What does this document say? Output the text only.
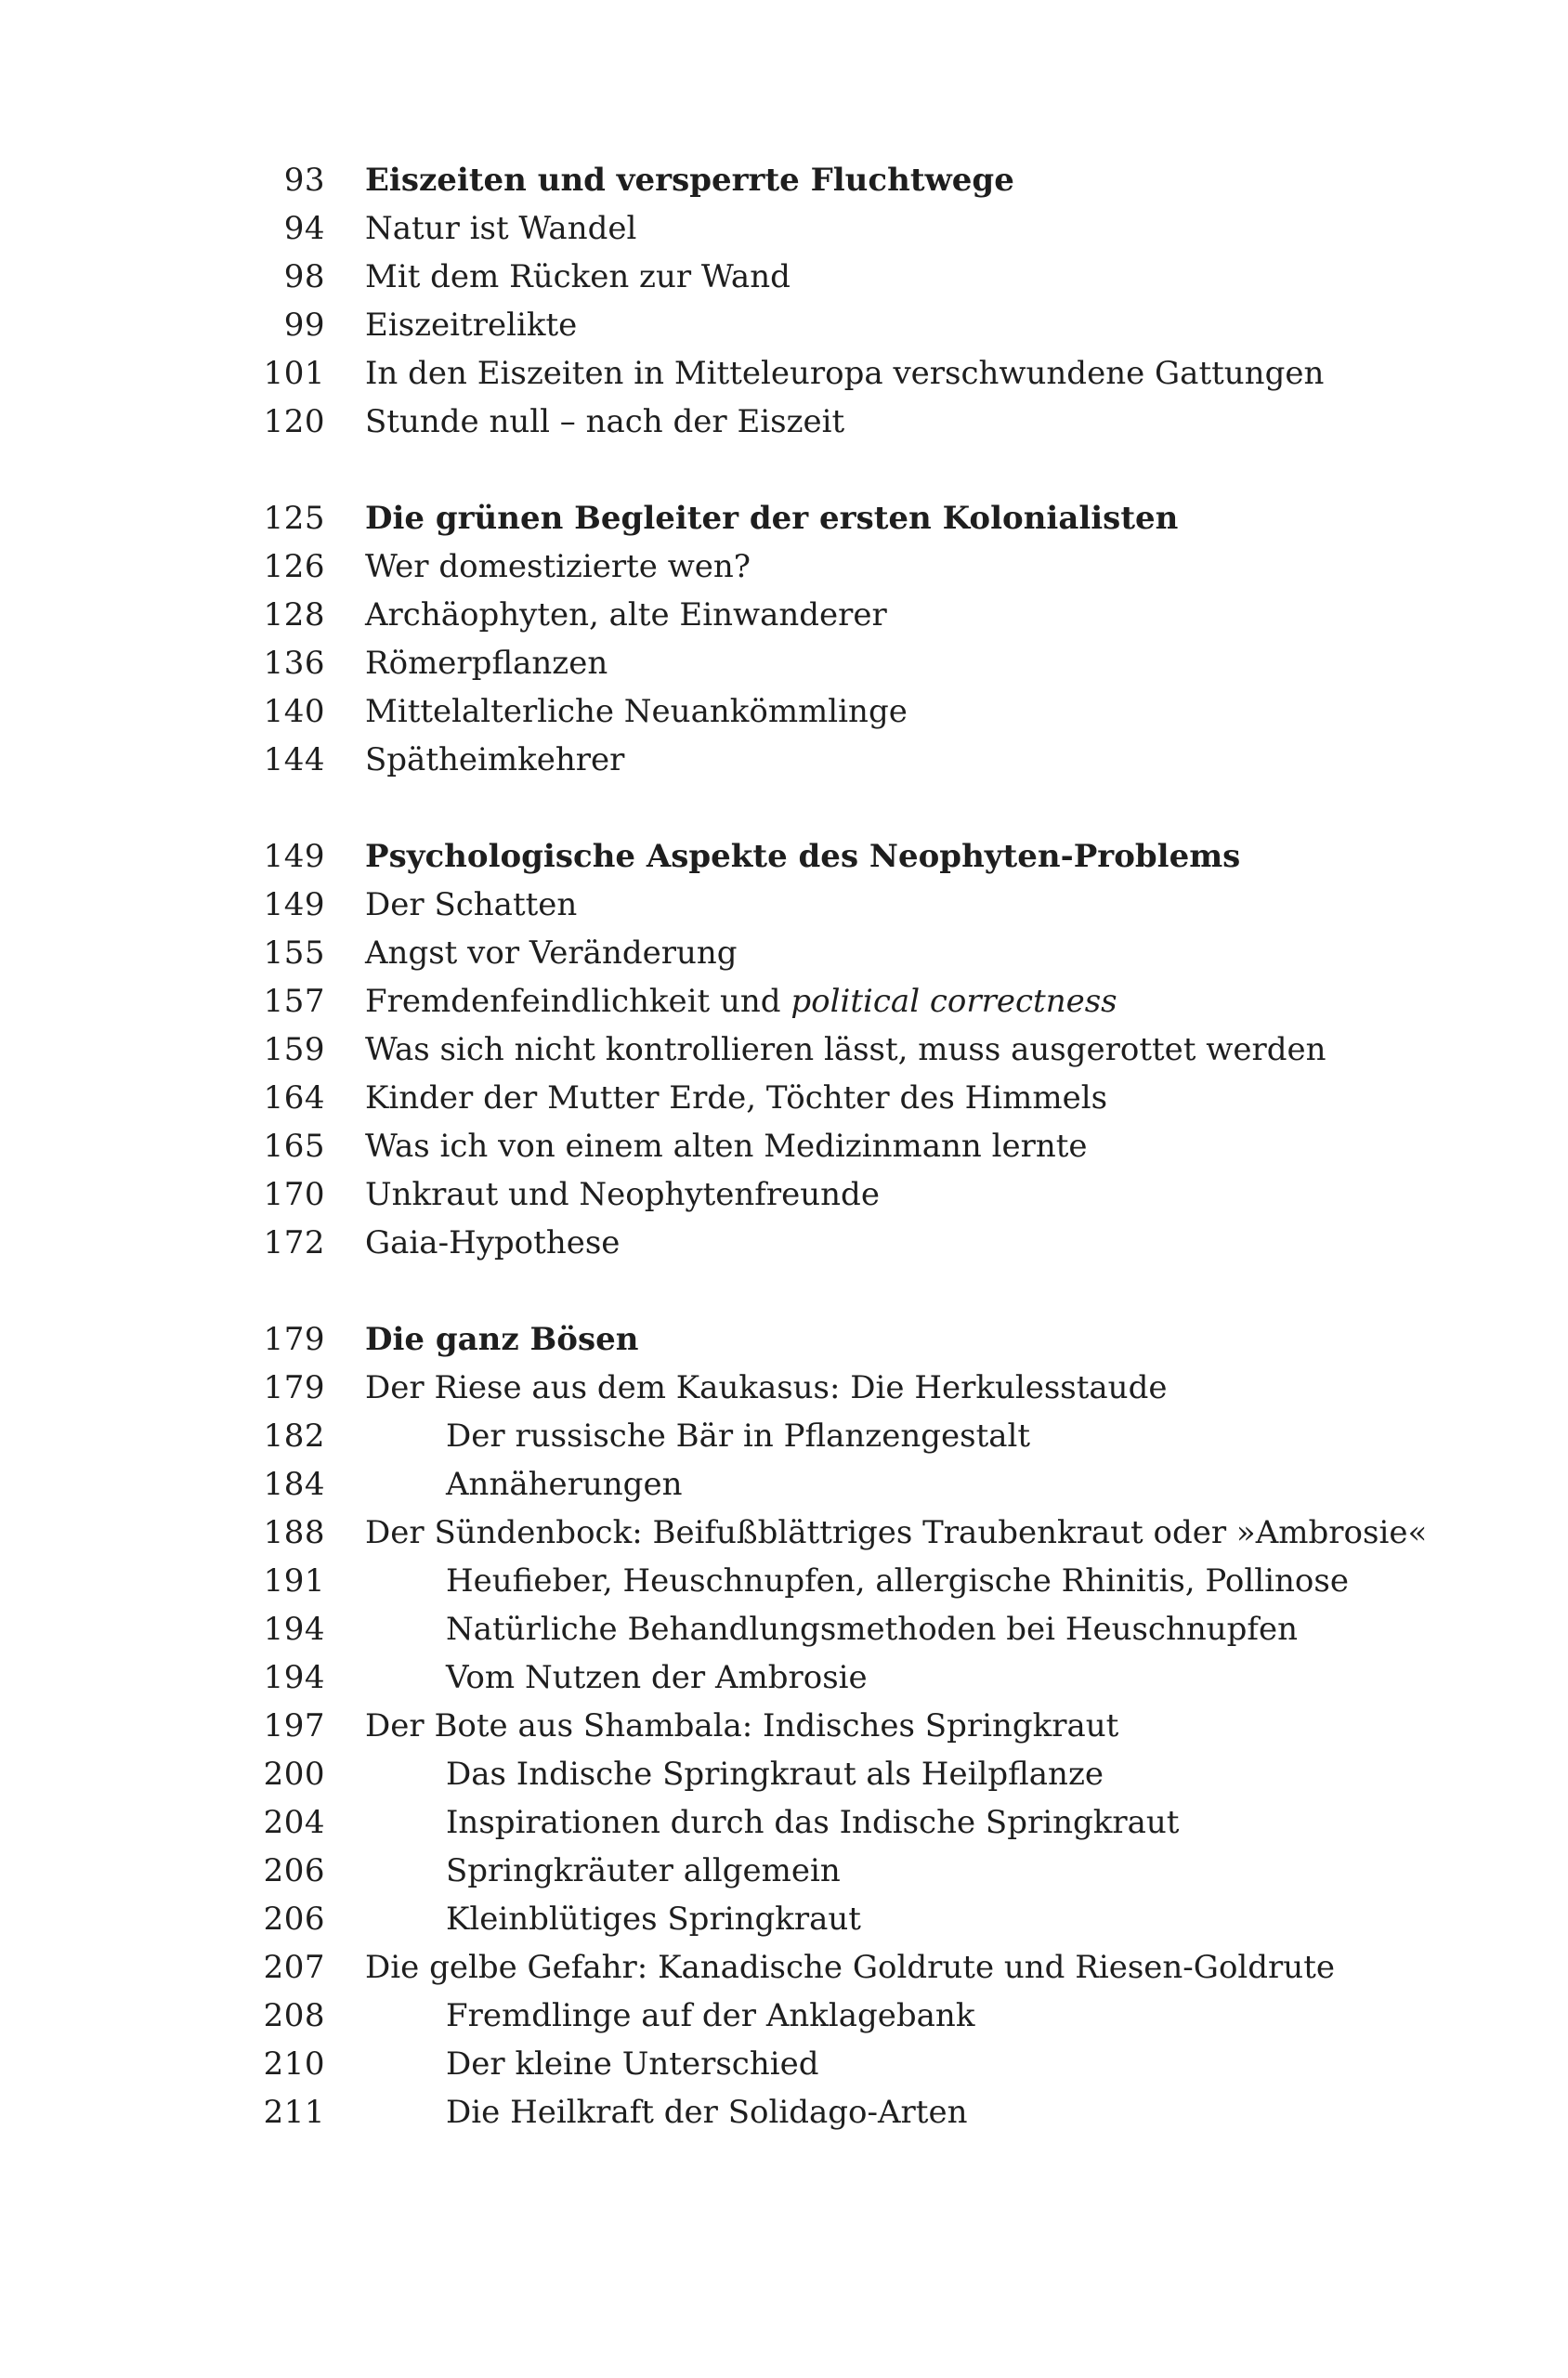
93 Eiszeiten und versperrte Fluchtwege
94 Natur ist Wandel
98 Mit dem Rücken zur Wand
99 Eiszeitrelikte
101 In den Eiszeiten in Mitteleuropa verschwundene Gattungen
120 Stunde null – nach der Eiszeit
125 Die grünen Begleiter der ersten Kolonialisten
126 Wer domestizierte wen?
128 Archäophyten, alte Einwanderer
136 Römerpflanzen
140 Mittelalterliche Neuankömmlinge
144 Spätheimkehrer
149 Psychologische Aspekte des Neophyten-Problems
149 Der Schatten
155 Angst vor Veränderung
157 Fremdenfeindlichkeit und political correctness
159 Was sich nicht kontrollieren lässt, muss ausgerottet werden
164 Kinder der Mutter Erde, Töchter des Himmels
165 Was ich von einem alten Medizinmann lernte
170 Unkraut und Neophytenfreunde
172 Gaia-Hypothese
179 Die ganz Bösen
179 Der Riese aus dem Kaukasus: Die Herkulesstaude
182	Der russische Bär in Pflanzengestalt
184	Annäherungen
188 Der Sündenbock: Beifußblättriges Traubenkraut oder »Ambrosie«
191	Heufieber, Heuschnupfen, allergische Rhinitis, Pollinose
194	Natürliche Behandlungsmethoden bei Heuschnupfen
194	Vom Nutzen der Ambrosie
197 Der Bote aus Shambala: Indisches Springkraut
200	Das Indische Springkraut als Heilpflanze
204	Inspirationen durch das Indische Springkraut
206	Springkräuter allgemein
206	Kleinblütiges Springkraut
207 Die gelbe Gefahr: Kanadische Goldrute und Riesen-Goldrute
208	Fremdlinge auf der Anklagebank
210	Der kleine Unterschied
211	Die Heilkraft der Solidago-Arten
